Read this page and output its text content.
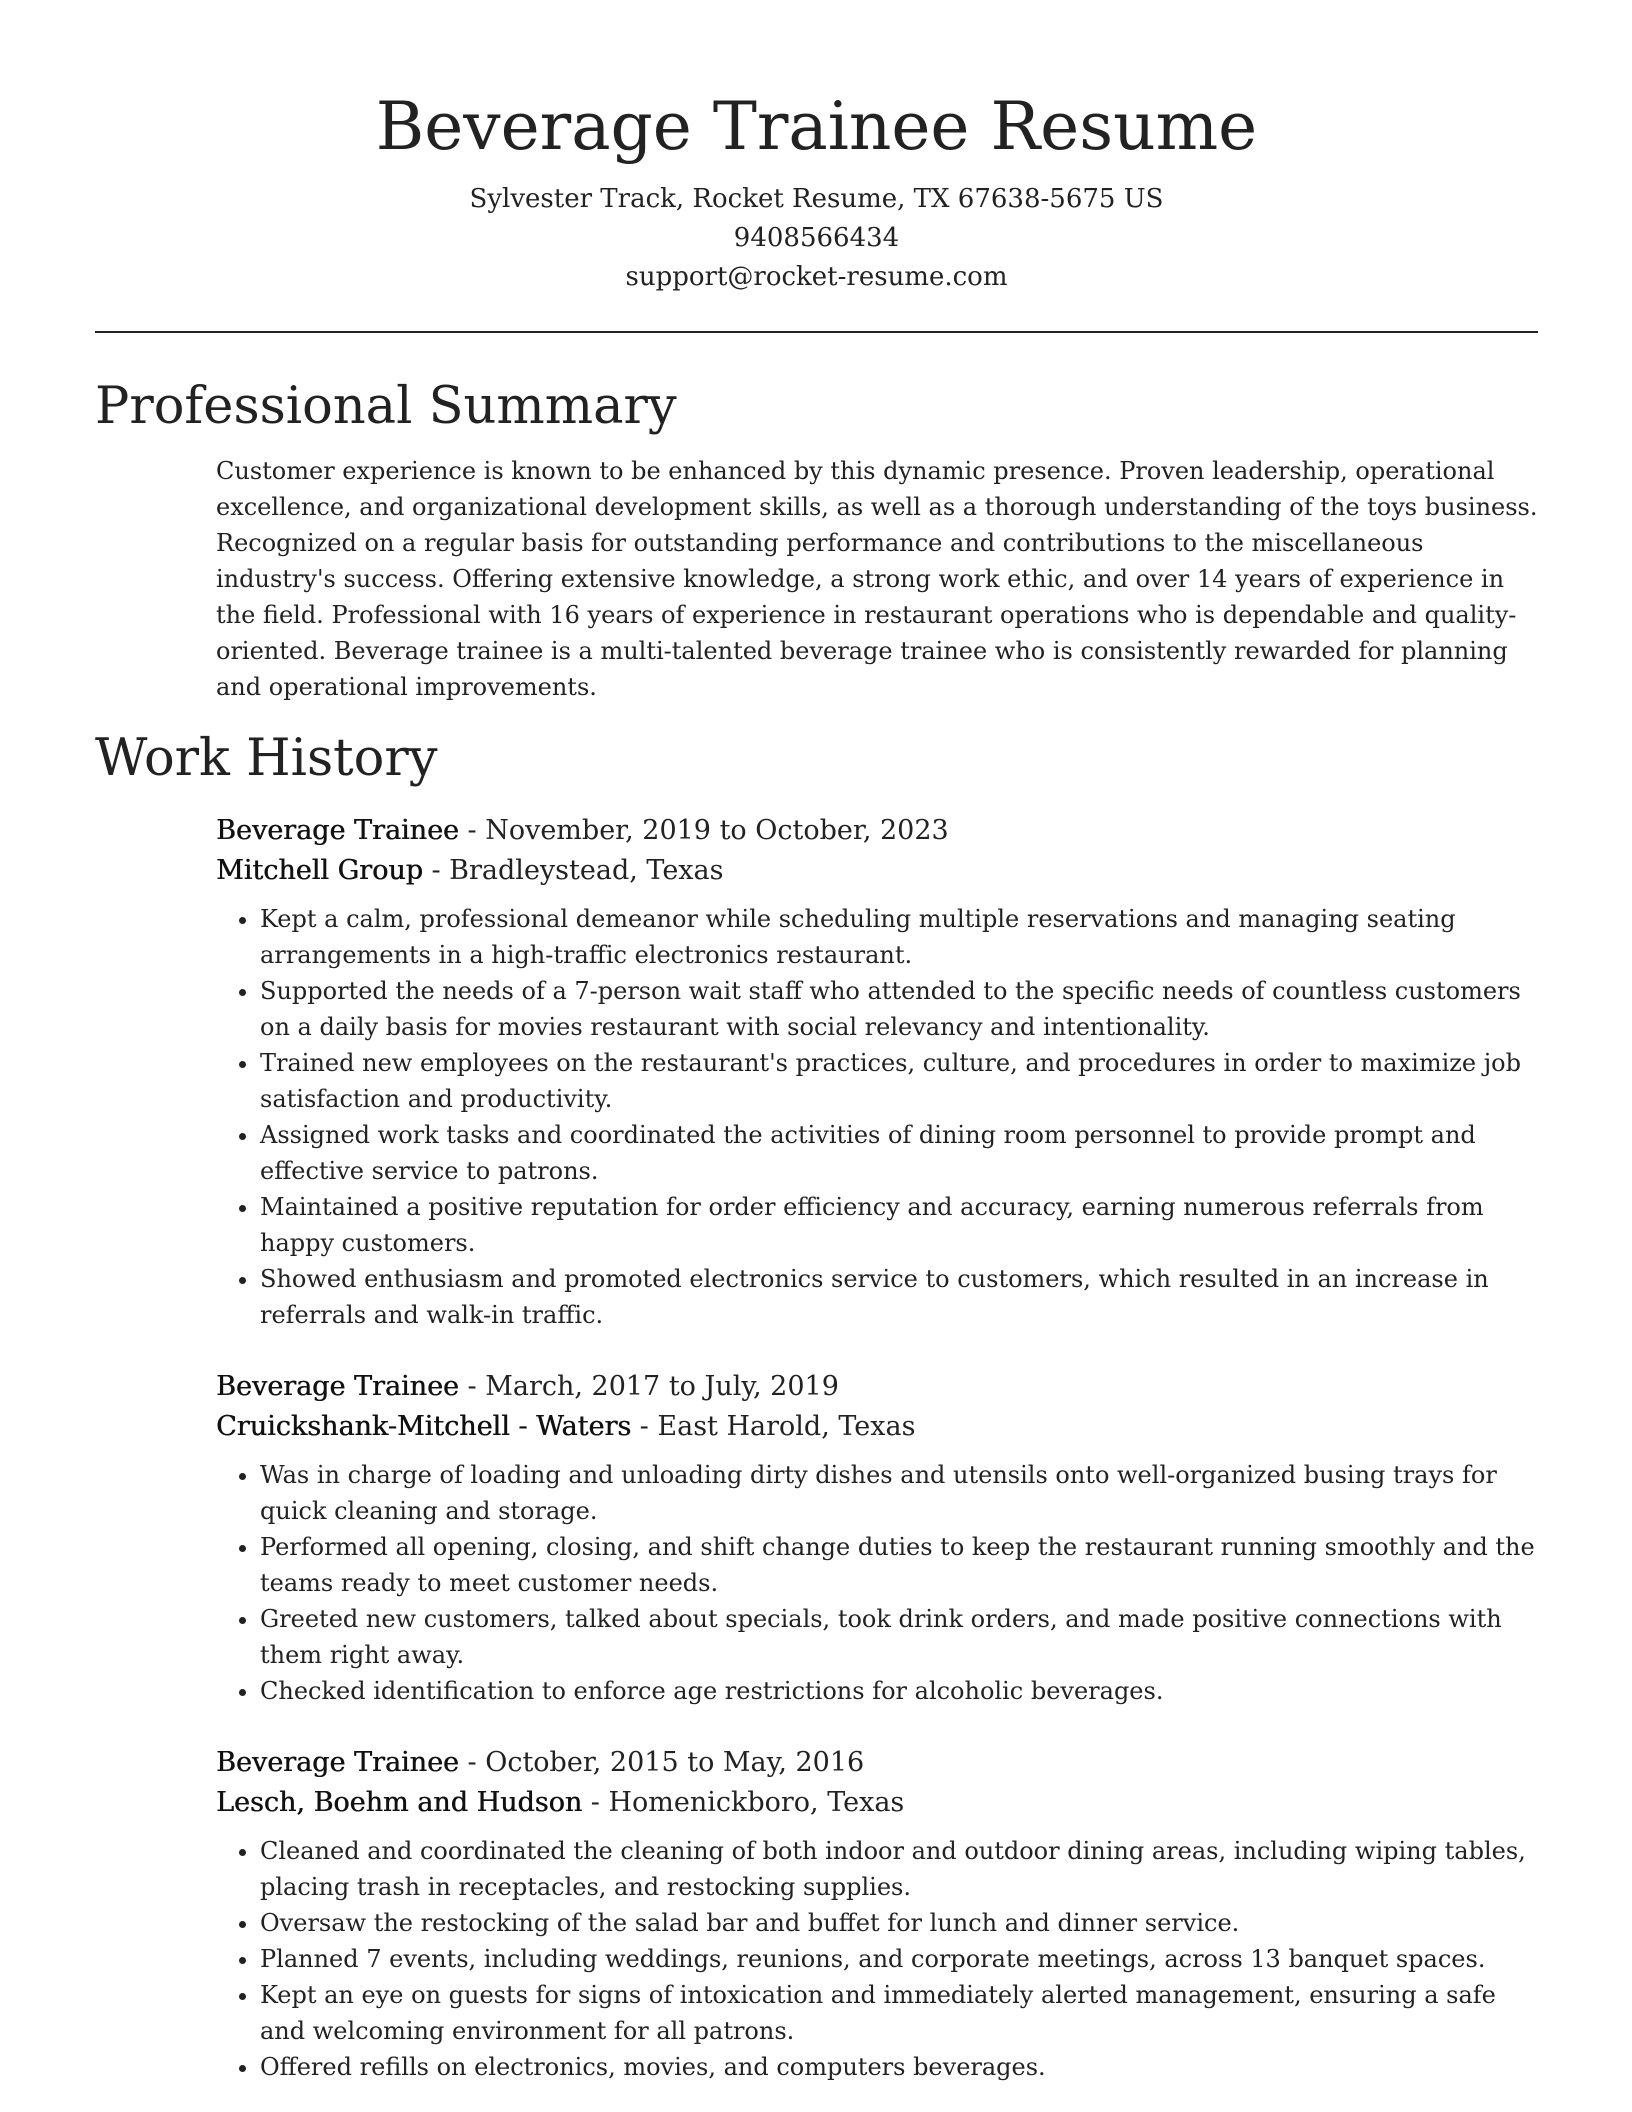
Beverage Trainee Resume

Sylvester Track, Rocket Resume, TX 67638-5675 US

9408566434

support@rocket-resume.com

Professional Summary

Customer experience is known to be enhanced by this dynamic presence. Proven leadership, operational excellence, and organizational development skills, as well as a thorough understanding of the toys business. Recognized on a regular basis for outstanding performance and contributions to the miscellaneous industry's success. Offering extensive knowledge, a strong work ethic, and over 14 years of experience in the field. Professional with 16 years of experience in restaurant operations who is dependable and quality-oriented. Beverage trainee is a multi-talented beverage trainee who is consistently rewarded for planning and operational improvements.

Work History

Beverage Trainee - November, 2019 to October, 2023

Mitchell Group - Bradleystead, Texas

• Kept a calm, professional demeanor while scheduling multiple reservations and managing seating arrangements in a high-traffic electronics restaurant.
• Supported the needs of a 7-person wait staff who attended to the specific needs of countless customers on a daily basis for movies restaurant with social relevancy and intentionality.
• Trained new employees on the restaurant's practices, culture, and procedures in order to maximize job satisfaction and productivity.
• Assigned work tasks and coordinated the activities of dining room personnel to provide prompt and effective service to patrons.
• Maintained a positive reputation for order efficiency and accuracy, earning numerous referrals from happy customers.
• Showed enthusiasm and promoted electronics service to customers, which resulted in an increase in referrals and walk-in traffic.

Beverage Trainee - March, 2017 to July, 2019

Cruickshank-Mitchell - Waters - East Harold, Texas

• Was in charge of loading and unloading dirty dishes and utensils onto well-organized busing trays for quick cleaning and storage.
• Performed all opening, closing, and shift change duties to keep the restaurant running smoothly and the teams ready to meet customer needs.
• Greeted new customers, talked about specials, took drink orders, and made positive connections with them right away.
• Checked identification to enforce age restrictions for alcoholic beverages.

Beverage Trainee - October, 2015 to May, 2016

Lesch, Boehm and Hudson - Homenickboro, Texas

• Cleaned and coordinated the cleaning of both indoor and outdoor dining areas, including wiping tables, placing trash in receptacles, and restocking supplies.
• Oversaw the restocking of the salad bar and buffet for lunch and dinner service.
• Planned 7 events, including weddings, reunions, and corporate meetings, across 13 banquet spaces.
• Kept an eye on guests for signs of intoxication and immediately alerted management, ensuring a safe and welcoming environment for all patrons.
• Offered refills on electronics, movies, and computers beverages.
